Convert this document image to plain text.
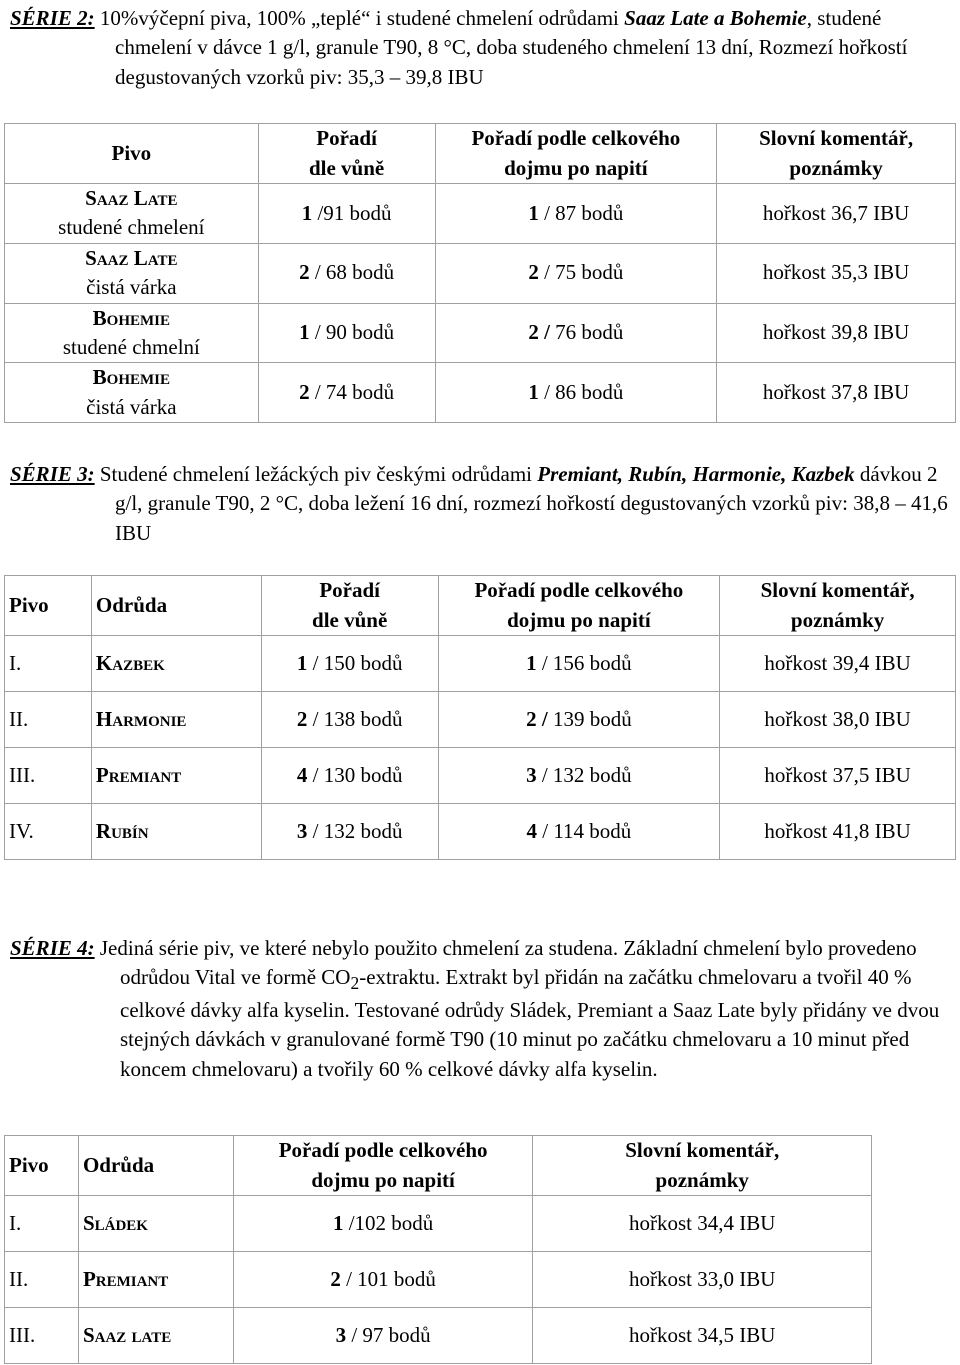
SÉRIE 2: 10%výčepní piva, 100% „teplé“ i studené chmelení odrůdami Saaz Late a Bohemie, studené chmelení v dávce 1 g/l, granule T90, 8 °C, doba studeného chmelení 13 dní, Rozmezí hořkostí degustovaných vzorků piv: 35,3 – 39,8 IBU

Pivo	Pořadí
dle vůně	Pořadí podle celkového
dojmu po napití	Slovní komentář,
poznámky

Saaz Late
studené chmelení	1 /91 bodů	1 / 87 bodů	hořkost 36,7 IBU

Saaz Late
čistá várka	2 / 68 bodů	2 / 75 bodů	hořkost 35,3 IBU

Bohemie
studené chmelní	1 / 90 bodů	2 / 76 bodů	hořkost 39,8 IBU

Bohemie
čistá várka	2 / 74 bodů	1 / 86 bodů	hořkost 37,8 IBU

SÉRIE 3: Studené chmelení ležáckých piv českými odrůdami Premiant, Rubín, Harmonie, Kazbek dávkou 2 g/l, granule T90, 2 °C, doba ležení 16 dní, rozmezí hořkostí degustovaných vzorků piv: 38,8 – 41,6 IBU

Pivo	Odrůda	Pořadí
dle vůně	Pořadí podle celkového
dojmu po napití	Slovní komentář,
poznámky

I.	Kazbek	1 / 150 bodů	1 / 156 bodů	hořkost 39,4 IBU
II.	Harmonie	2 / 138 bodů	2 / 139 bodů	hořkost 38,0 IBU
III.	Premiant	4 / 130 bodů	3 / 132 bodů	hořkost 37,5 IBU
IV.	Rubín	3 / 132 bodů	4 / 114 bodů	hořkost 41,8 IBU

SÉRIE 4: Jediná série piv, ve které nebylo použito chmelení za studena. Základní chmelení bylo provedeno odrůdou Vital ve formě $CO_2$-extraktu. Extrakt byl přidán na začátku chmelovaru a tvořil 40 % celkové dávky alfa kyselin. Testované odrůdy Sládek, Premiant a Saaz Late byly přidány ve dvou stejných dávkách v granulované formě T90 (10 minut po začátku chmelovaru a 10 minut před koncem chmelovaru) a tvořily 60 % celkové dávky alfa kyselin.

Pivo	Odrůda	Pořadí podle celkového
dojmu po napití	Slovní komentář,
poznámky

I.	Sládek	1 /102 bodů	hořkost 34,4 IBU
II.	Premiant	2 / 101 bodů	hořkost 33,0 IBU
III.	Saaz late	3 / 97 bodů	hořkost 34,5 IBU
